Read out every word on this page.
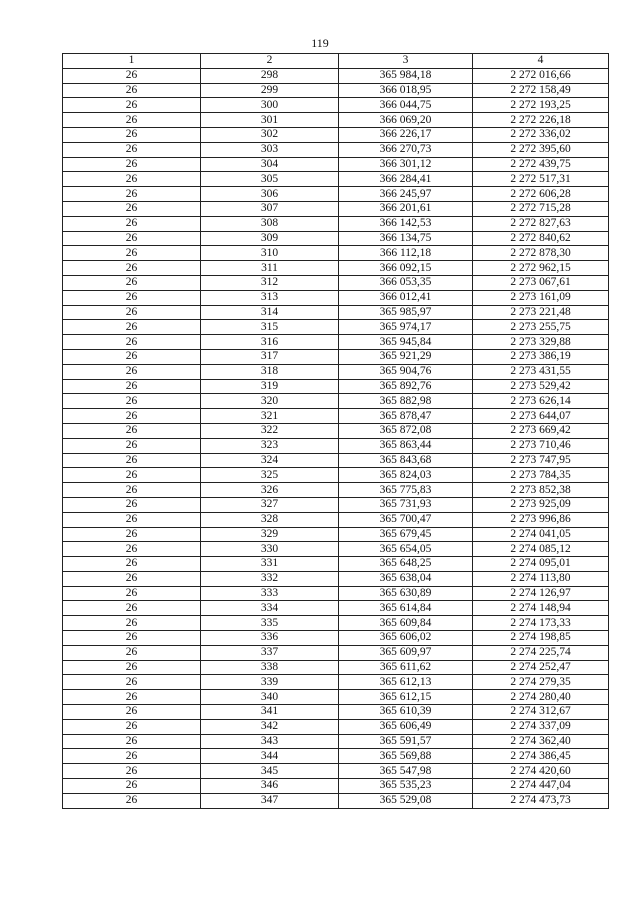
119
1	2	3	4
26	298	365 984,18	2 272 016,66
26	299	366 018,95	2 272 158,49
26	300	366 044,75	2 272 193,25
26	301	366 069,20	2 272 226,18
26	302	366 226,17	2 272 336,02
26	303	366 270,73	2 272 395,60
26	304	366 301,12	2 272 439,75
26	305	366 284,41	2 272 517,31
26	306	366 245,97	2 272 606,28
26	307	366 201,61	2 272 715,28
26	308	366 142,53	2 272 827,63
26	309	366 134,75	2 272 840,62
26	310	366 112,18	2 272 878,30
26	311	366 092,15	2 272 962,15
26	312	366 053,35	2 273 067,61
26	313	366 012,41	2 273 161,09
26	314	365 985,97	2 273 221,48
26	315	365 974,17	2 273 255,75
26	316	365 945,84	2 273 329,88
26	317	365 921,29	2 273 386,19
26	318	365 904,76	2 273 431,55
26	319	365 892,76	2 273 529,42
26	320	365 882,98	2 273 626,14
26	321	365 878,47	2 273 644,07
26	322	365 872,08	2 273 669,42
26	323	365 863,44	2 273 710,46
26	324	365 843,68	2 273 747,95
26	325	365 824,03	2 273 784,35
26	326	365 775,83	2 273 852,38
26	327	365 731,93	2 273 925,09
26	328	365 700,47	2 273 996,86
26	329	365 679,45	2 274 041,05
26	330	365 654,05	2 274 085,12
26	331	365 648,25	2 274 095,01
26	332	365 638,04	2 274 113,80
26	333	365 630,89	2 274 126,97
26	334	365 614,84	2 274 148,94
26	335	365 609,84	2 274 173,33
26	336	365 606,02	2 274 198,85
26	337	365 609,97	2 274 225,74
26	338	365 611,62	2 274 252,47
26	339	365 612,13	2 274 279,35
26	340	365 612,15	2 274 280,40
26	341	365 610,39	2 274 312,67
26	342	365 606,49	2 274 337,09
26	343	365 591,57	2 274 362,40
26	344	365 569,88	2 274 386,45
26	345	365 547,98	2 274 420,60
26	346	365 535,23	2 274 447,04
26	347	365 529,08	2 274 473,73
